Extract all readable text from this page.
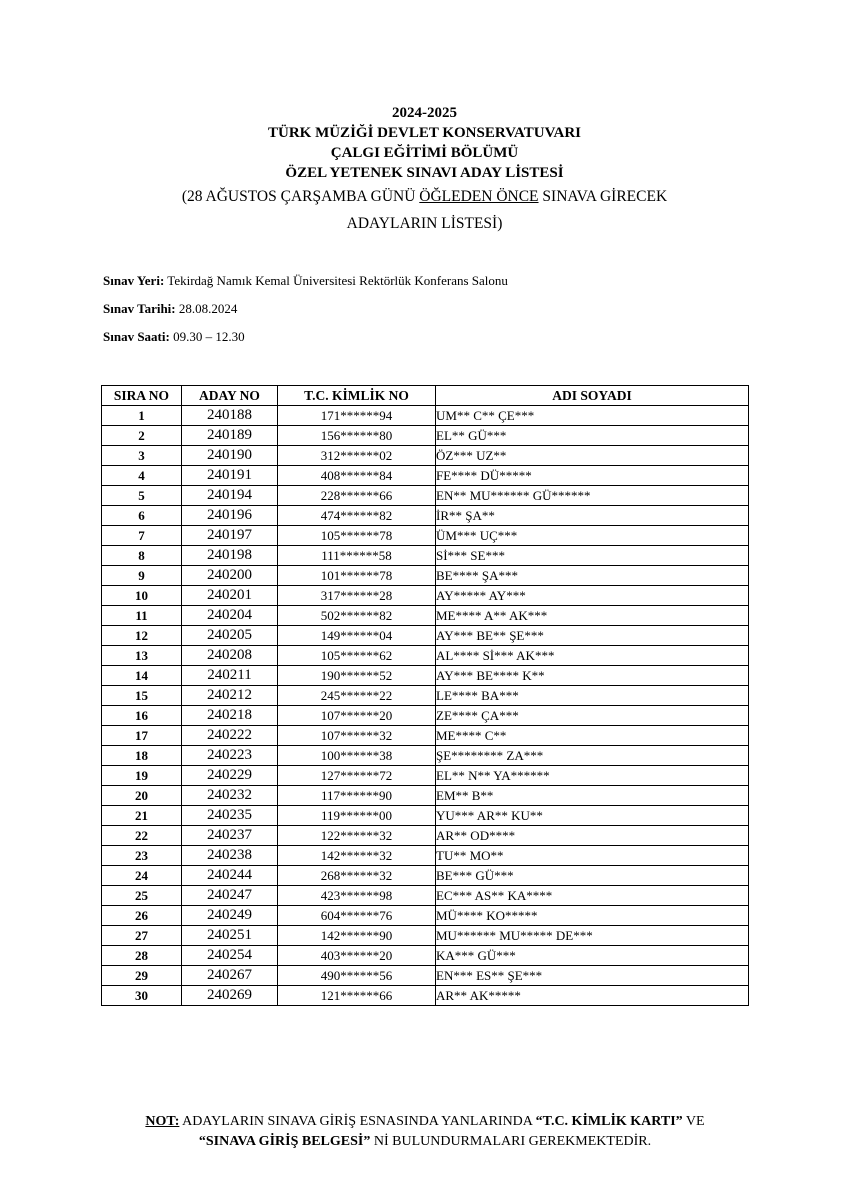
2024-2025

TÜRK MÜZİĞİ DEVLET KONSERVATUVARI

ÇALGI EĞİTİMİ BÖLÜMÜ

ÖZEL YETENEK SINAVI ADAY LİSTESİ

(28 AĞUSTOS ÇARŞAMBA GÜNÜ ÖĞLEDEN ÖNCE SINAVA GİRECEK

ADAYLARIN LİSTESİ)

Sınav Yeri: Tekirdağ Namık Kemal Üniversitesi Rektörlük Konferans Salonu
Sınav Tarihi: 28.08.2024
Sınav Saati: 09.30 – 12.30
SIRA NO	ADAY NO	T.C. KİMLİK NO	ADI SOYADI
1	240188	171******94	UM** C** ÇE***
2	240189	156******80	EL** GÜ***
3	240190	312******02	ÖZ*** UZ**
4	240191	408******84	FE**** DÜ*****
5	240194	228******66	EN** MU****** GÜ******
6	240196	474******82	İR** ŞA**
7	240197	105******78	ÜM*** UÇ***
8	240198	111******58	Sİ*** SE***
9	240200	101******78	BE**** ŞA***
10	240201	317******28	AY***** AY***
11	240204	502******82	ME**** A** AK***
12	240205	149******04	AY*** BE** ŞE***
13	240208	105******62	AL**** Sİ*** AK***
14	240211	190******52	AY*** BE**** K**
15	240212	245******22	LE**** BA***
16	240218	107******20	ZE**** ÇA***
17	240222	107******32	ME**** C**
18	240223	100******38	ŞE******** ZA***
19	240229	127******72	EL** N** YA******
20	240232	117******90	EM** B**
21	240235	119******00	YU*** AR** KU**
22	240237	122******32	AR** OD****
23	240238	142******32	TU** MO**
24	240244	268******32	BE*** GÜ***
25	240247	423******98	EC*** AS** KA****
26	240249	604******76	MÜ**** KO*****
27	240251	142******90	MU****** MU***** DE***
28	240254	403******20	KA*** GÜ***
29	240267	490******56	EN*** ES** ŞE***
30	240269	121******66	AR** AK*****
NOT: ADAYLARIN SINAVA GİRİŞ ESNASINDA YANLARINDA “T.C. KİMLİK KARTI” VE
“SINAVA GİRİŞ BELGESİ” Nİ BULUNDURMALARI GEREKMEKTEDİR.
